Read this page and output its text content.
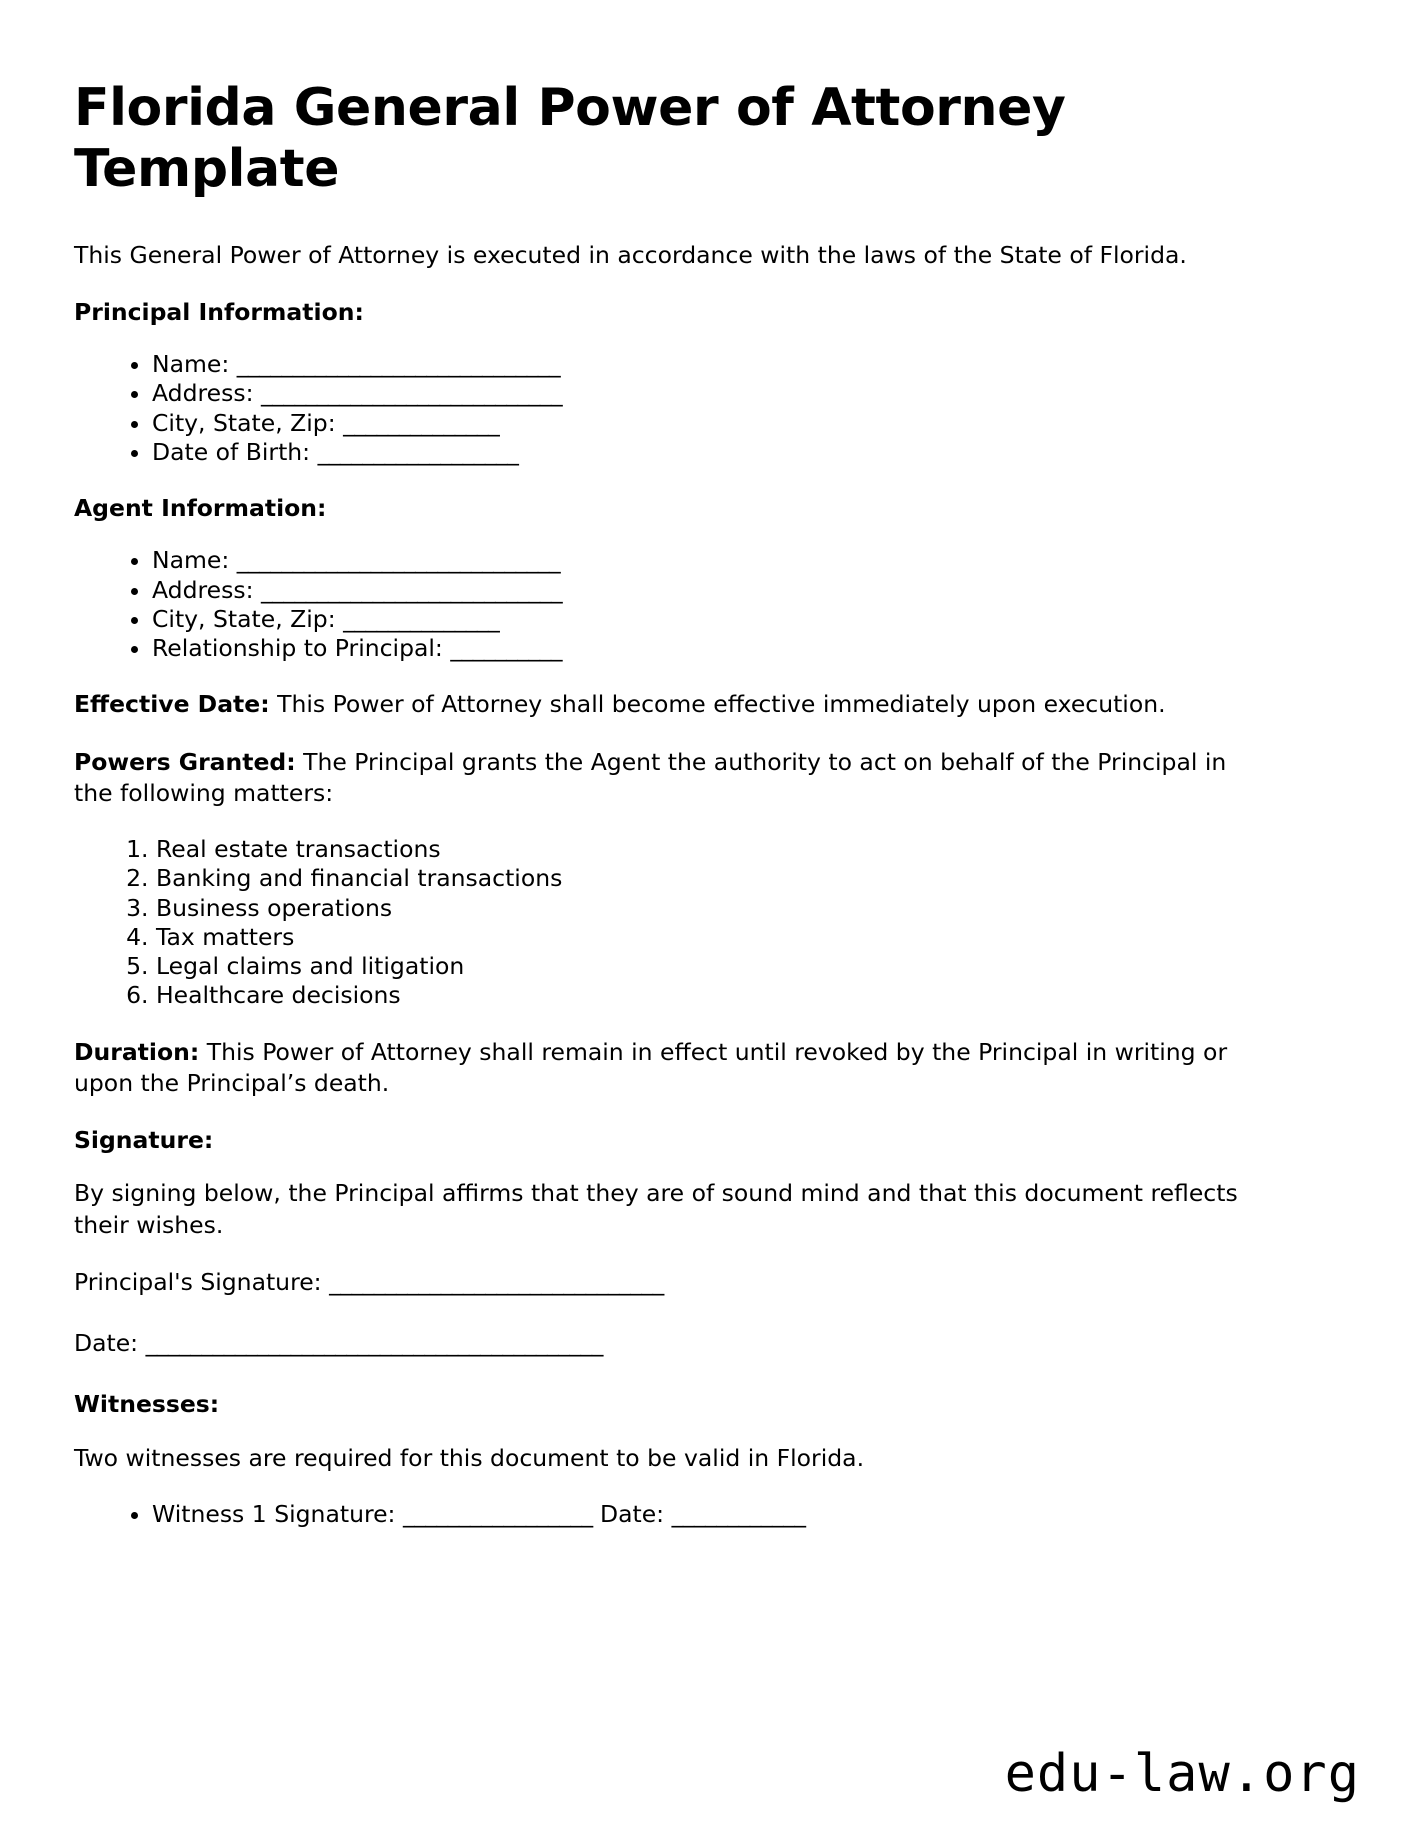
Florida General Power of Attorney Template

This General Power of Attorney is executed in accordance with the laws of the State of Florida.

Principal Information:
• Name: _____________________________
• Address: ___________________________
• City, State, Zip: ______________
• Date of Birth: __________________
Agent Information:
• Name: _____________________________
• Address: ___________________________
• City, State, Zip: ______________
• Relationship to Principal: __________

Effective Date: This Power of Attorney shall become effective immediately upon execution.

Powers Granted: The Principal grants the Agent the authority to act on behalf of the Principal in the following matters:

1. Real estate transactions
2. Banking and financial transactions
3. Business operations
4. Tax matters
5. Legal claims and litigation
6. Healthcare decisions

Duration: This Power of Attorney shall remain in effect until revoked by the Principal in writing or upon the Principal’s death.

Signature:

By signing below, the Principal affirms that they are of sound mind and that this document reflects their wishes.

Principal's Signature: ______________________________

Date: _________________________________________

Witnesses:

Two witnesses are required for this document to be valid in Florida.

• Witness 1 Signature: _________________ Date: ____________
edu-law.org
